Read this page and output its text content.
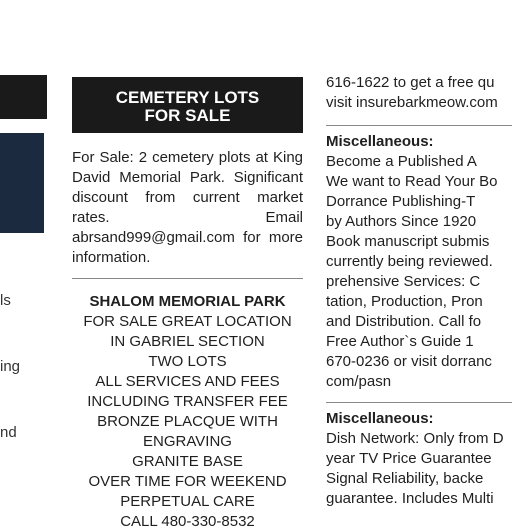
ls

ing

nd

CEMETERY LOTS
FOR SALE
For Sale: 2 cemetery plots at King David Memorial Park. Significant discount from current market rates. Email abrsand999@gmail.com for more information.
SHALOM MEMORIAL PARK
FOR SALE GREAT LOCATION
IN GABRIEL SECTION
TWO LOTS
ALL SERVICES AND FEES
INCLUDING TRANSFER FEE
BRONZE PLACQUE WITH
ENGRAVING
GRANITE BASE
OVER TIME FOR WEEKEND
PERPETUAL CARE
CALL 480-330-8532
616-1622 to get a free qu
visit insurebarkmeow.com
Miscellaneous:
Become a Published A
We want to Read Your Bo
Dorrance Publishing-T
by Authors Since 1920
Book manuscript submis
currently being reviewed.
prehensive Services: C
tation, Production, Pron
and Distribution. Call fo
Free Author`s Guide 1
670-0236 or visit dorranc
com/pasn
Miscellaneous:
Dish Network: Only from D
year TV Price Guarantee
Signal Reliability, backe
guarantee. Includes Multi
